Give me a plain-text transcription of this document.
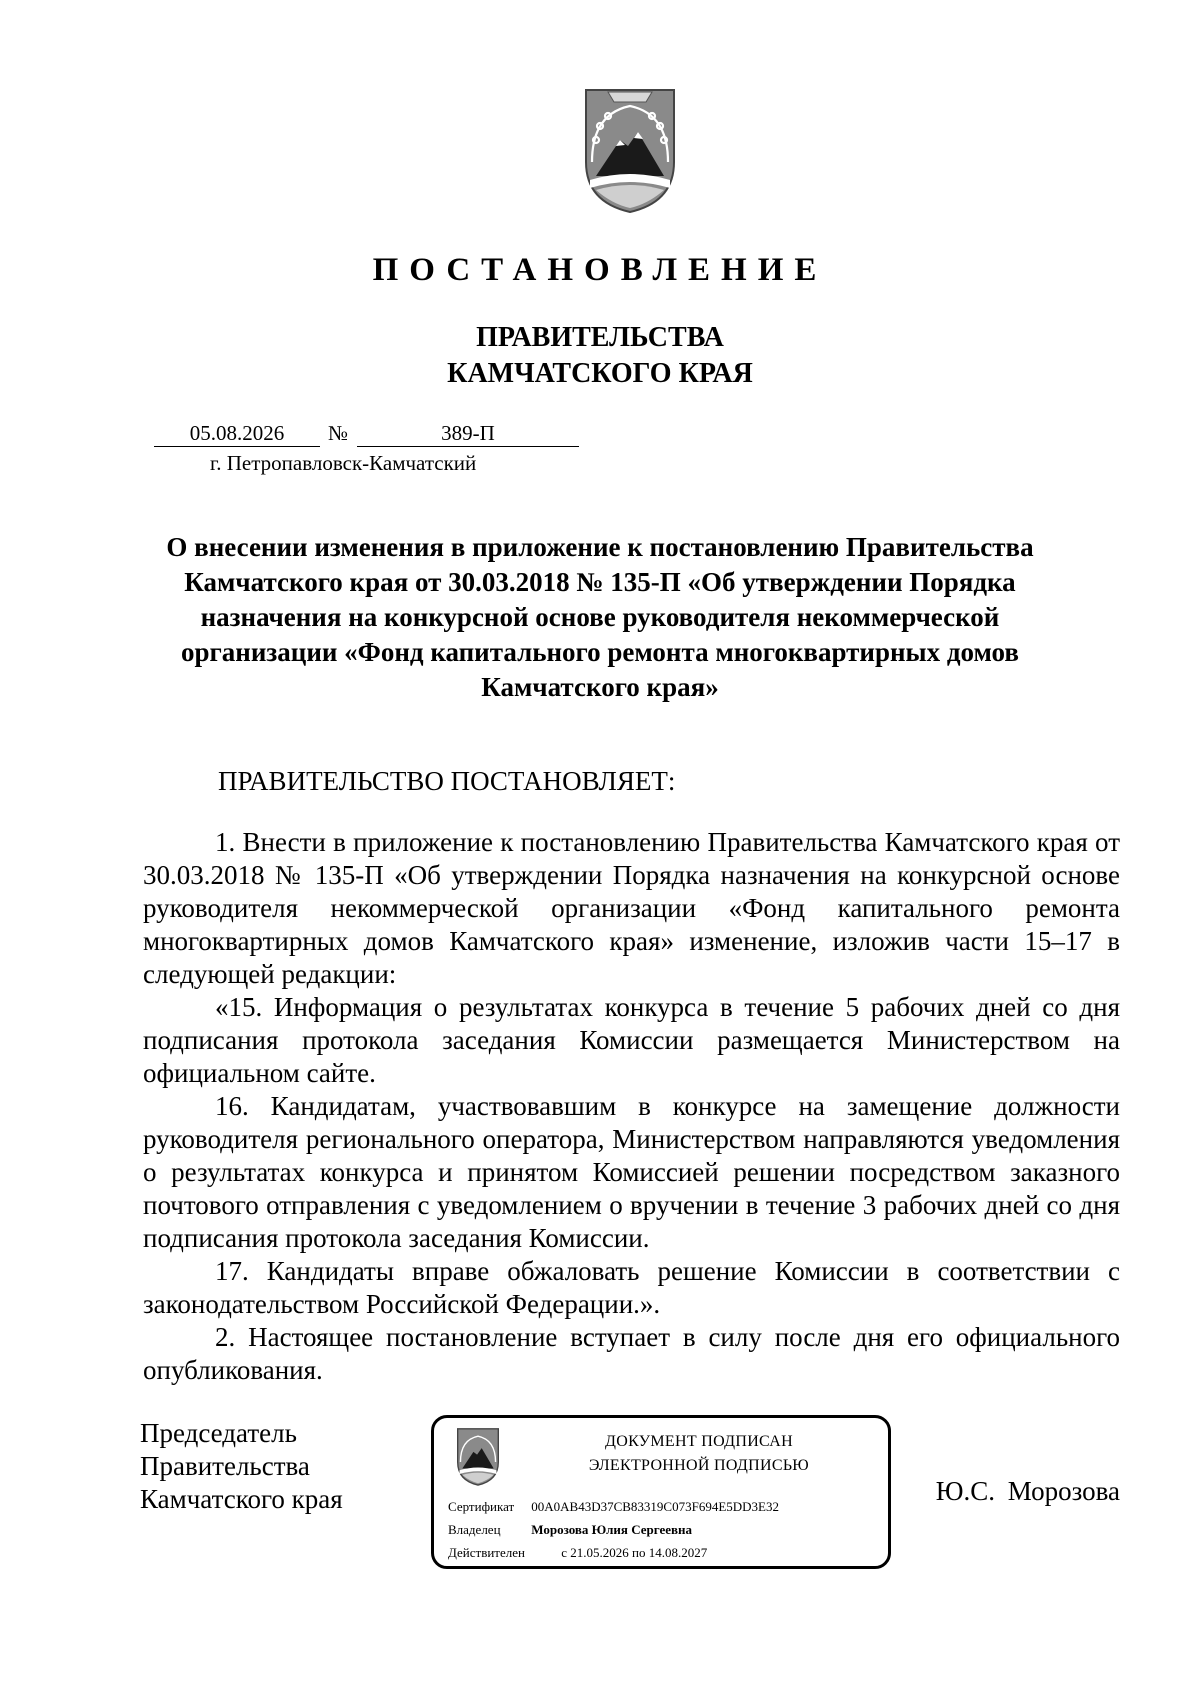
ПОСТАНОВЛЕНИЕ
ПРАВИТЕЛЬСТВА
КАМЧАТСКОГО КРАЯ
05.08.2026	№	389-П
г. Петропавловск-Камчатский
О внесении изменения в приложение к постановлению Правительства Камчатского края от 30.03.2018 № 135-П «Об утверждении Порядка назначения на конкурсной основе руководителя некоммерческой организации «Фонд капитального ремонта многоквартирных домов Камчатского края»
ПРАВИТЕЛЬСТВО ПОСТАНОВЛЯЕТ:

1. Внести в приложение к постановлению Правительства Камчатского края от 30.03.2018 № 135-П «Об утверждении Порядка назначения на конкурсной основе руководителя некоммерческой организации «Фонд капитального ремонта многоквартирных домов Камчатского края» изменение, изложив части 15–17 в следующей редакции:

«15. Информация о результатах конкурса в течение 5 рабочих дней со дня подписания протокола заседания Комиссии размещается Министерством на официальном сайте.

16. Кандидатам, участвовавшим в конкурсе на замещение должности руководителя регионального оператора, Министерством направляются уведомления о результатах конкурса и принятом Комиссией решении посредством заказного почтового отправления с уведомлением о вручении в течение 3 рабочих дней со дня подписания протокола заседания Комиссии.

17. Кандидаты вправе обжаловать решение Комиссии в соответствии с законодательством Российской Федерации.».

2. Настоящее постановление вступает в силу после дня его официального опубликования.

Председатель
Правительства
Камчатского края
ДОКУМЕНТ ПОДПИСАН
ЭЛЕКТРОННОЙ ПОДПИСЬЮ
Сертификат 00A0AB43D37CB83319C073F694E5DD3E32
Владелец Морозова Юлия Сергеевна
Действителен	с 21.05.2026 по 14.08.2027
Ю.С. Морозова
